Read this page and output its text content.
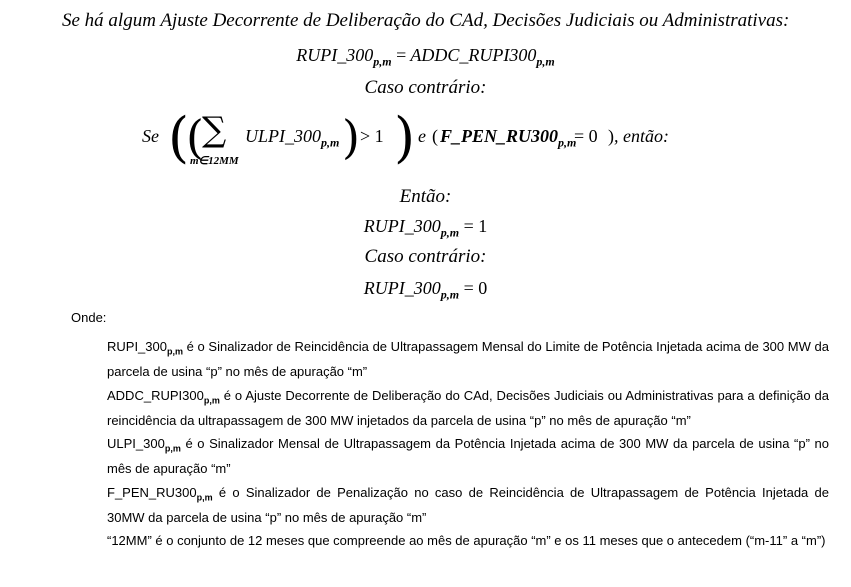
Se há algum Ajuste Decorrente de Deliberação do CAd, Decisões Judiciais ou Administrativas:
$RUPI\_300_{p,m}$ = $ADDC\_RUPI300_{p,m}$
Caso contrário:
Se (
(
∑
m∈12MM
$ULPI\_300_{p,m}$ ) > 1 ) e ( $F\_PEN\_RU300_{p,m}$
= 0 ) , então:
Então:
$RUPI\_300_{p,m} = 1$
Caso contrário:
$RUPI\_300_{p,m} = 0$
Onde:
$RUPI\_300_{p,m}$ é o Sinalizador de Reincidência de Ultrapassagem Mensal do Limite de Potência Injetada acima de 300 MW da parcela de usina “p” no mês de apuração “m”
$ADDC\_RUPI300_{p,m}$ é o Ajuste Decorrente de Deliberação do CAd, Decisões Judiciais ou Administrativas para a definição da reincidência da ultrapassagem de 300 MW injetados da parcela de usina “p” no mês de apuração “m”
$ULPI\_300_{p,m}$ é o Sinalizador Mensal de Ultrapassagem da Potência Injetada acima de 300 MW da parcela de usina “p” no mês de apuração “m”
$F\_PEN\_RU300_{p,m}$ é o Sinalizador de Penalização no caso de Reincidência de Ultrapassagem de Potência Injetada de 30MW da parcela de usina “p” no mês de apuração “m”
“12MM” é o conjunto de 12 meses que compreende ao mês de apuração “m” e os 11 meses que o antecedem (“m-11” a “m”)
